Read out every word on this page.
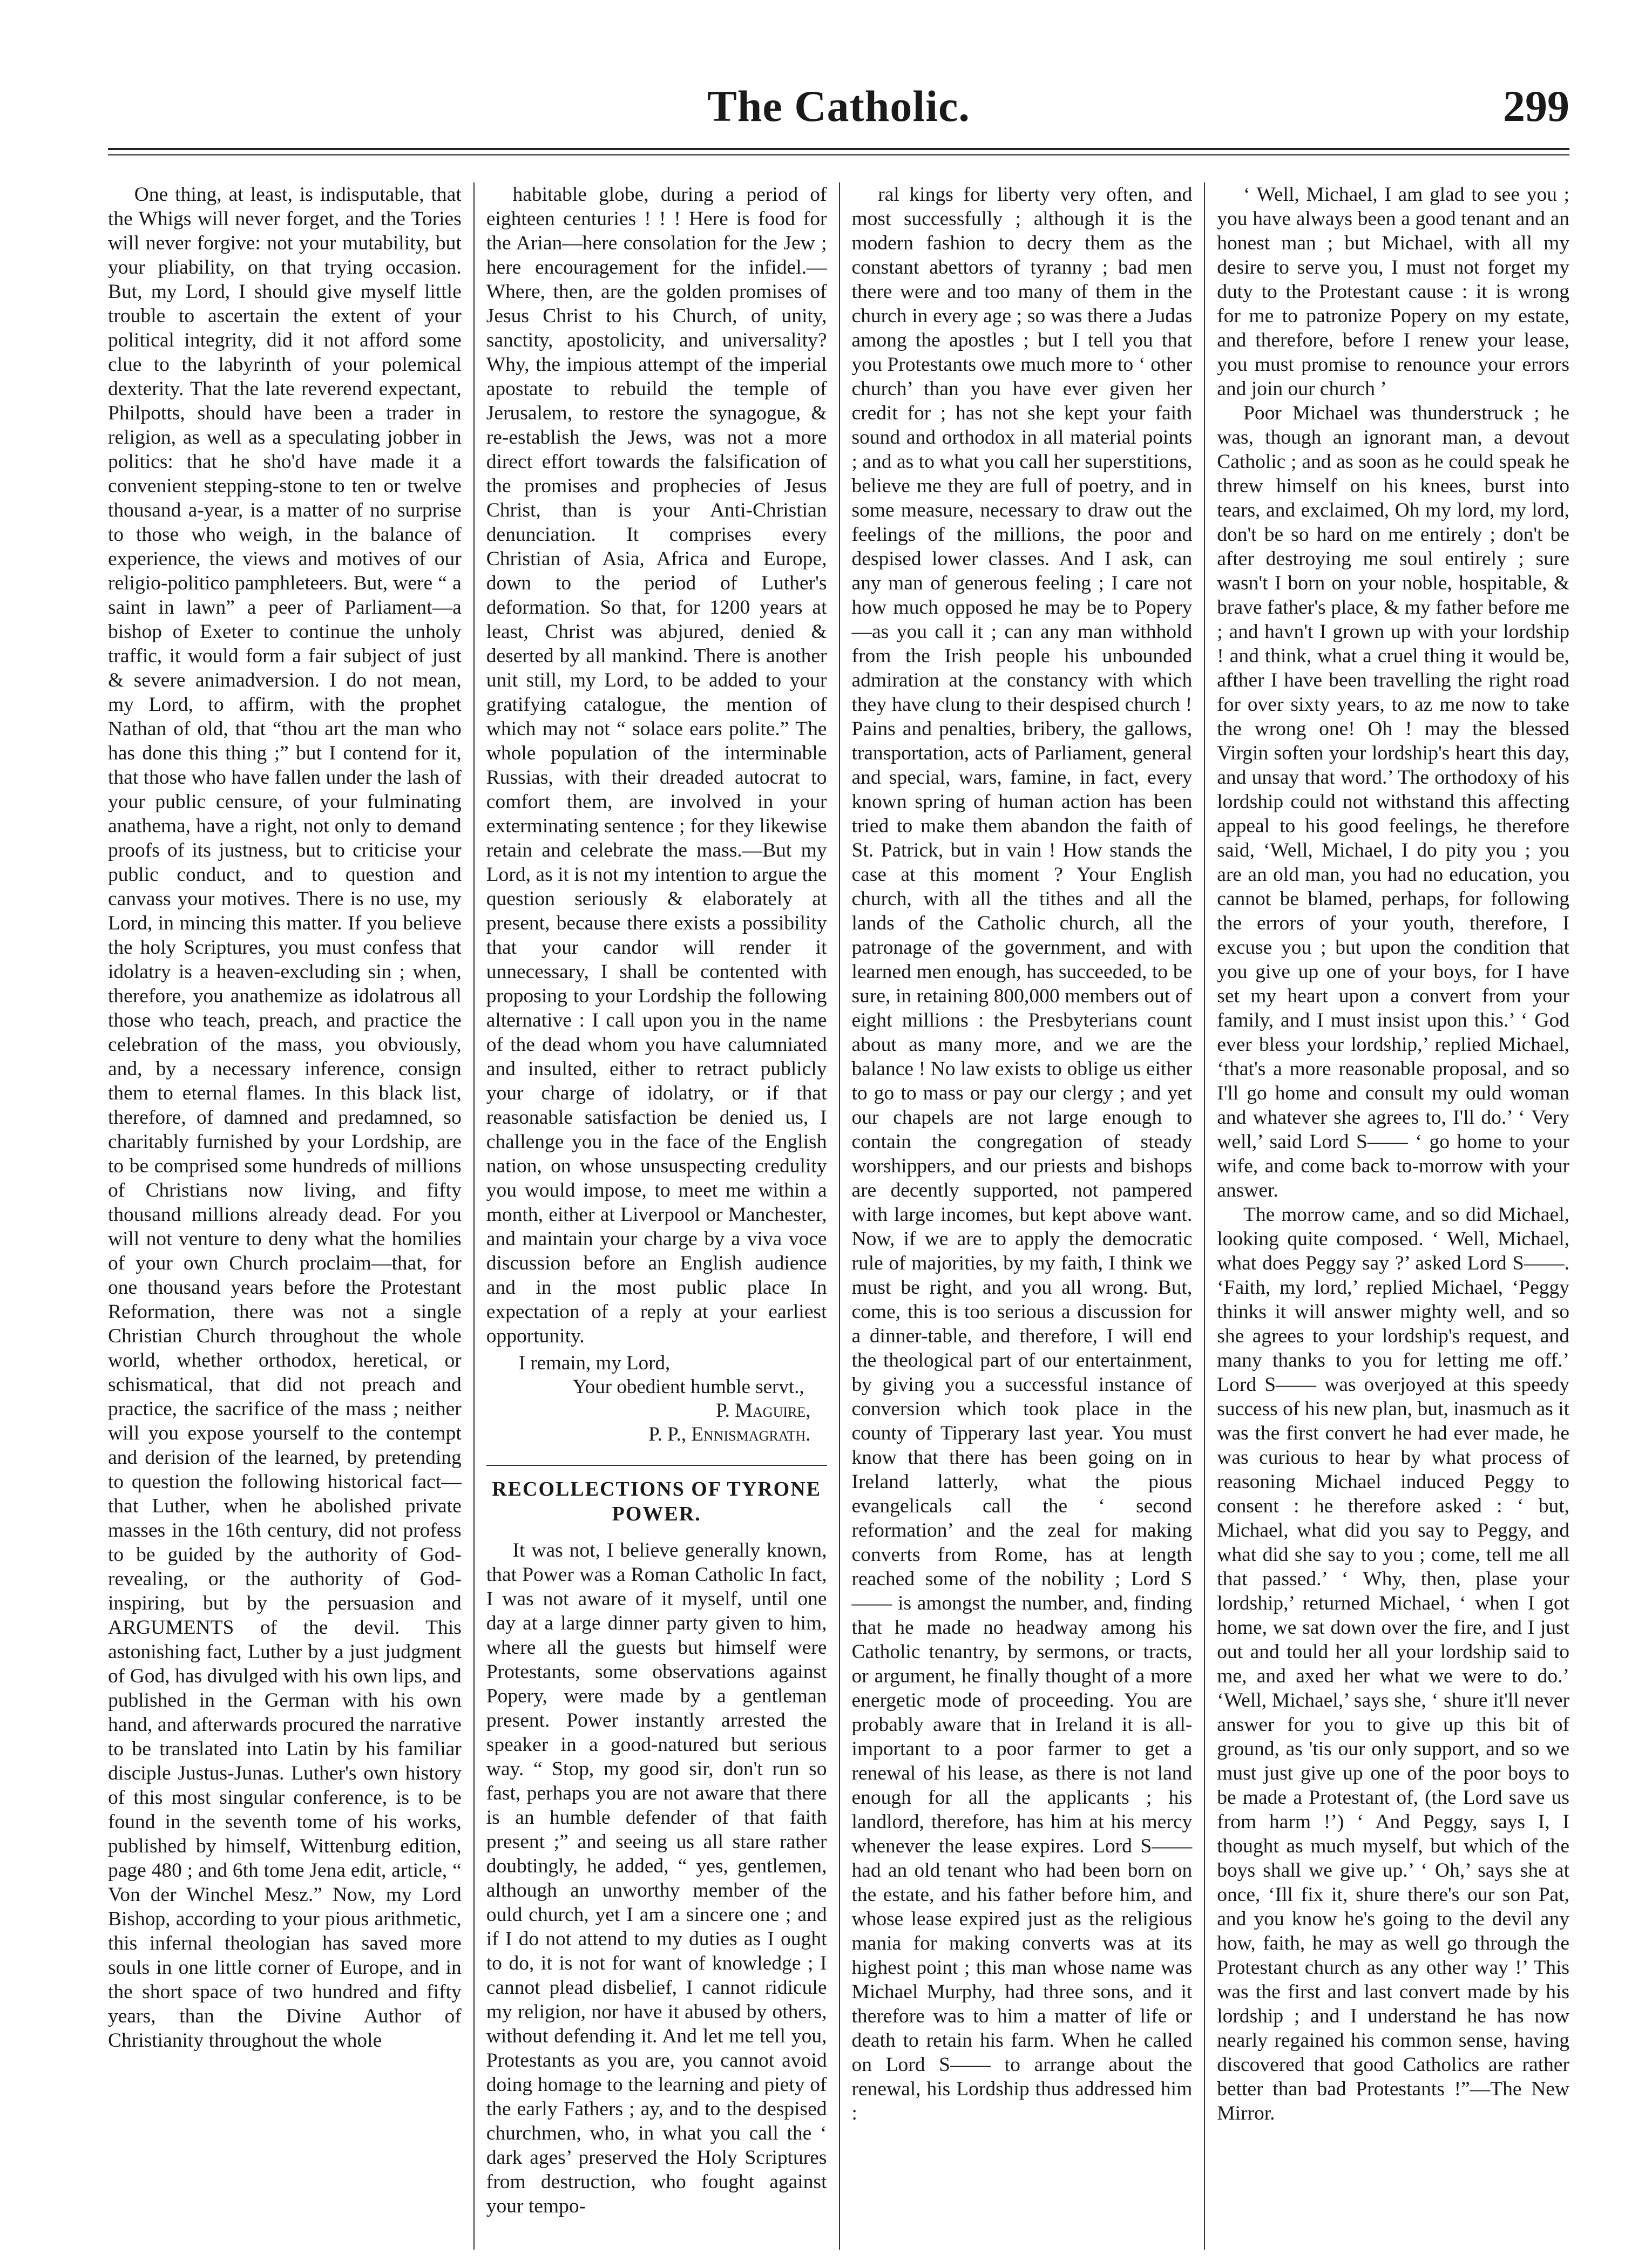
The Catholic.	299

One thing, at least, is indisputable, that the Whigs will never forget, and the Tories will never forgive: not your mutability, but your pliability, on that trying occasion. But, my Lord, I should give myself little trouble to ascertain the extent of your political integrity, did it not afford some clue to the labyrinth of your polemical dexterity. That the late reverend expectant, Philpotts, should have been a trader in religion, as well as a speculating jobber in politics: that he sho'd have made it a convenient stepping-stone to ten or twelve thousand a-year, is a matter of no surprise to those who weigh, in the balance of experience, the views and motives of our religio-politico pamphleteers. But, were “ a saint in lawn” a peer of Parliament—a bishop of Exeter to continue the unholy traffic, it would form a fair subject of just & severe animadversion. I do not mean, my Lord, to affirm, with the prophet Nathan of old, that “thou art the man who has done this thing ;” but I contend for it, that those who have fallen under the lash of your public censure, of your fulminating anathema, have a right, not only to demand proofs of its justness, but to criticise your public conduct, and to question and canvass your motives. There is no use, my Lord, in mincing this matter. If you believe the holy Scriptures, you must confess that idolatry is a heaven-excluding sin ; when, therefore, you anathemize as idolatrous all those who teach, preach, and practice the celebration of the mass, you obviously, and, by a necessary inference, consign them to eternal flames. In this black list, therefore, of damned and predamned, so charitably furnished by your Lordship, are to be comprised some hundreds of millions of Christians now living, and fifty thousand millions already dead. For you will not venture to deny what the homilies of your own Church proclaim—that, for one thousand years before the Protestant Reformation, there was not a single Christian Church throughout the whole world, whether orthodox, heretical, or schismatical, that did not preach and practice, the sacrifice of the mass ; neither will you expose yourself to the contempt and derision of the learned, by pretending to question the following historical fact—that Luther, when he abolished private masses in the 16th century, did not profess to be guided by the authority of God-revealing, or the authority of God-inspiring, but by the persuasion and ARGUMENTS of the devil. This astonishing fact, Luther by a just judgment of God, has divulged with his own lips, and published in the German with his own hand, and afterwards procured the narrative to be translated into Latin by his familiar disciple Justus-Junas. Luther's own history of this most singular conference, is to be found in the seventh tome of his works, published by himself, Wittenburg edition, page 480 ; and 6th tome Jena edit, article, “ Von der Winchel Mesz.” Now, my Lord Bishop, according to your pious arithmetic, this infernal theologian has saved more souls in one little corner of Europe, and in the short space of two hundred and fifty years, than the Divine Author of Christianity throughout the whole

habitable globe, during a period of eighteen centuries ! ! ! Here is food for the Arian—here consolation for the Jew ; here encouragement for the infidel.— Where, then, are the golden promises of Jesus Christ to his Church, of unity, sanctity, apostolicity, and universality? Why, the impious attempt of the imperial apostate to rebuild the temple of Jerusalem, to restore the synagogue, & re-establish the Jews, was not a more direct effort towards the falsification of the promises and prophecies of Jesus Christ, than is your Anti-Christian denunciation. It comprises every Christian of Asia, Africa and Europe, down to the period of Luther's deformation. So that, for 1200 years at least, Christ was abjured, denied & deserted by all mankind. There is another unit still, my Lord, to be added to your gratifying catalogue, the mention of which may not “ solace ears polite.” The whole population of the interminable Russias, with their dreaded autocrat to comfort them, are involved in your exterminating sentence ; for they likewise retain and celebrate the mass.—But my Lord, as it is not my intention to argue the question seriously & elaborately at present, because there exists a possibility that your candor will render it unnecessary, I shall be contented with proposing to your Lordship the following alternative : I call upon you in the name of the dead whom you have calumniated and insulted, either to retract publicly your charge of idolatry, or if that reasonable satisfaction be denied us, I challenge you in the face of the English nation, on whose unsuspecting credulity you would impose, to meet me within a month, either at Liverpool or Manchester, and maintain your charge by a viva voce discussion before an English audience and in the most public place In expectation of a reply at your earliest opportunity.

I remain, my Lord,
Your obedient humble servt.,
P. Maguire,
P. P., Ennismagrath.
RECOLLECTIONS OF TYRONE POWER.

It was not, I believe generally known, that Power was a Roman Catholic In fact, I was not aware of it myself, until one day at a large dinner party given to him, where all the guests but himself were Protestants, some observations against Popery, were made by a gentleman present. Power instantly arrested the speaker in a good-natured but serious way. “ Stop, my good sir, don't run so fast, perhaps you are not aware that there is an humble defender of that faith present ;” and seeing us all stare rather doubtingly, he added, “ yes, gentlemen, although an unworthy member of the ould church, yet I am a sincere one ; and if I do not attend to my duties as I ought to do, it is not for want of knowledge ; I cannot plead disbelief, I cannot ridicule my religion, nor have it abused by others, without defending it. And let me tell you, Protestants as you are, you cannot avoid doing homage to the learning and piety of the early Fathers ; ay, and to the despised churchmen, who, in what you call the ‘ dark ages’ preserved the Holy Scriptures from destruction, who fought against your tempo-

ral kings for liberty very often, and most successfully ; although it is the modern fashion to decry them as the constant abettors of tyranny ; bad men there were and too many of them in the church in every age ; so was there a Judas among the apostles ; but I tell you that you Protestants owe much more to ‘ other church’ than you have ever given her credit for ; has not she kept your faith sound and orthodox in all material points ; and as to what you call her superstitions, believe me they are full of poetry, and in some measure, necessary to draw out the feelings of the millions, the poor and despised lower classes. And I ask, can any man of generous feeling ; I care not how much opposed he may be to Popery—as you call it ; can any man withhold from the Irish people his unbounded admiration at the constancy with which they have clung to their despised church ! Pains and penalties, bribery, the gallows, transportation, acts of Parliament, general and special, wars, famine, in fact, every known spring of human action has been tried to make them abandon the faith of St. Patrick, but in vain ! How stands the case at this moment ? Your English church, with all the tithes and all the lands of the Catholic church, all the patronage of the government, and with learned men enough, has succeeded, to be sure, in retaining 800,000 members out of eight millions : the Presbyterians count about as many more, and we are the balance ! No law exists to oblige us either to go to mass or pay our clergy ; and yet our chapels are not large enough to contain the congregation of steady worshippers, and our priests and bishops are decently supported, not pampered with large incomes, but kept above want. Now, if we are to apply the democratic rule of majorities, by my faith, I think we must be right, and you all wrong. But, come, this is too serious a discussion for a dinner-table, and therefore, I will end the theological part of our entertainment, by giving you a successful instance of conversion which took place in the county of Tipperary last year. You must know that there has been going on in Ireland latterly, what the pious evangelicals call the ‘ second reformation’ and the zeal for making converts from Rome, has at length reached some of the nobility ; Lord S—— is amongst the number, and, finding that he made no headway among his Catholic tenantry, by sermons, or tracts, or argument, he finally thought of a more energetic mode of proceeding. You are probably aware that in Ireland it is all-important to a poor farmer to get a renewal of his lease, as there is not land enough for all the applicants ; his landlord, therefore, has him at his mercy whenever the lease expires. Lord S—— had an old tenant who had been born on the estate, and his father before him, and whose lease expired just as the religious mania for making converts was at its highest point ; this man whose name was Michael Murphy, had three sons, and it therefore was to him a matter of life or death to retain his farm. When he called on Lord S—— to arrange about the renewal, his Lordship thus addressed him :

‘ Well, Michael, I am glad to see you ; you have always been a good tenant and an honest man ; but Michael, with all my desire to serve you, I must not forget my duty to the Protestant cause : it is wrong for me to patronize Popery on my estate, and therefore, before I renew your lease, you must promise to renounce your errors and join our church ’

Poor Michael was thunderstruck ; he was, though an ignorant man, a devout Catholic ; and as soon as he could speak he threw himself on his knees, burst into tears, and exclaimed, Oh my lord, my lord, don't be so hard on me entirely ; don't be after destroying me soul entirely ; sure wasn't I born on your noble, hospitable, & brave father's place, & my father before me ; and havn't I grown up with your lordship ! and think, what a cruel thing it would be, afther I have been travelling the right road for over sixty years, to az me now to take the wrong one! Oh ! may the blessed Virgin soften your lordship's heart this day, and unsay that word.’ The orthodoxy of his lordship could not withstand this affecting appeal to his good feelings, he therefore said, ‘Well, Michael, I do pity you ; you are an old man, you had no education, you cannot be blamed, perhaps, for following the errors of your youth, therefore, I excuse you ; but upon the condition that you give up one of your boys, for I have set my heart upon a convert from your family, and I must insist upon this.’ ‘ God ever bless your lordship,’ replied Michael, ‘that's a more reasonable proposal, and so I'll go home and consult my ould woman and whatever she agrees to, I'll do.’ ‘ Very well,’ said Lord S—— ‘ go home to your wife, and come back to-morrow with your answer.

The morrow came, and so did Michael, looking quite composed. ‘ Well, Michael, what does Peggy say ?’ asked Lord S——. ‘Faith, my lord,’ replied Michael, ‘Peggy thinks it will answer mighty well, and so she agrees to your lordship's request, and many thanks to you for letting me off.’ Lord S—— was overjoyed at this speedy success of his new plan, but, inasmuch as it was the first convert he had ever made, he was curious to hear by what process of reasoning Michael induced Peggy to consent : he therefore asked : ‘ but, Michael, what did you say to Peggy, and what did she say to you ; come, tell me all that passed.’ ‘ Why, then, plase your lordship,’ returned Michael, ‘ when I got home, we sat down over the fire, and I just out and tould her all your lordship said to me, and axed her what we were to do.’ ‘Well, Michael,’ says she, ‘ shure it'll never answer for you to give up this bit of ground, as 'tis our only support, and so we must just give up one of the poor boys to be made a Protestant of, (the Lord save us from harm !’) ‘ And Peggy, says I, I thought as much myself, but which of the boys shall we give up.’ ‘ Oh,’ says she at once, ‘Ill fix it, shure there's our son Pat, and you know he's going to the devil any how, faith, he may as well go through the Protestant church as any other way !’ This was the first and last convert made by his lordship ; and I understand he has now nearly regained his common sense, having discovered that good Catholics are rather better than bad Protestants !”—The New Mirror.
